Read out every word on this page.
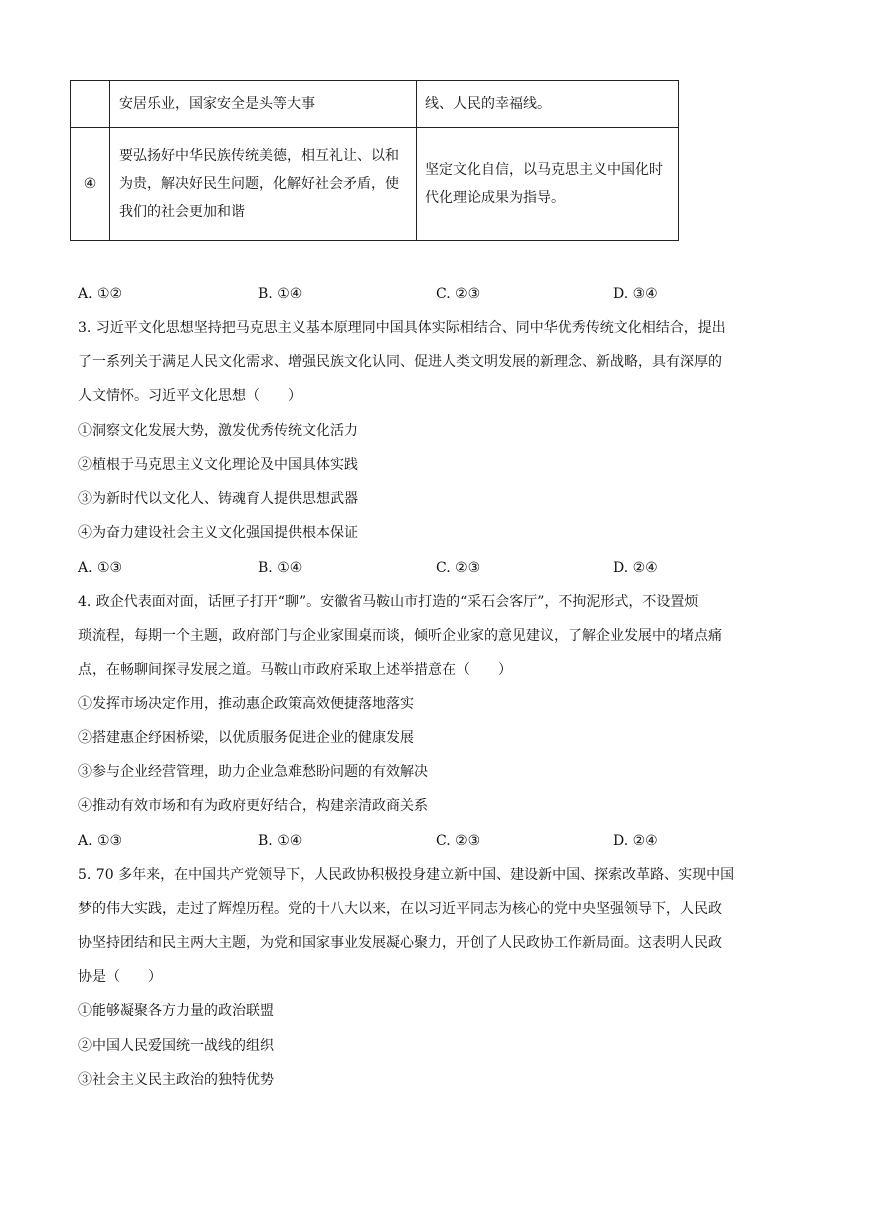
	安居乐业，国家安全是头等大事	线、人民的幸福线。
④	要弘扬好中华民族传统美德，相互礼让、以和为贵，解决好民生问题，化解好社会矛盾，使我们的社会更加和谐	坚定文化自信，以马克思主义中国化时代化理论成果为指导。
A. ①②	B. ①④	C. ②③	D. ③④
3. 习近平文化思想坚持把马克思主义基本原理同中国具体实际相结合、同中华优秀传统文化相结合，提出
了一系列关于满足人民文化需求、增强民族文化认同、促进人类文明发展的新理念、新战略，具有深厚的
人文情怀。习近平文化思想（　　）
①洞察文化发展大势，激发优秀传统文化活力
②植根于马克思主义文化理论及中国具体实践
③为新时代以文化人、铸魂育人提供思想武器
④为奋力建设社会主义文化强国提供根本保证
A. ①③	B. ①④	C. ②③	D. ②④
4. 政企代表面对面，话匣子打开“聊”。安徽省马鞍山市打造的“采石会客厅”，不拘泥形式，不设置烦
琐流程，每期一个主题，政府部门与企业家围桌而谈，倾听企业家的意见建议，了解企业发展中的堵点痛
点，在畅聊间探寻发展之道。马鞍山市政府采取上述举措意在（　　）
①发挥市场决定作用，推动惠企政策高效便捷落地落实
②搭建惠企纾困桥梁，以优质服务促进企业的健康发展
③参与企业经营管理，助力企业急难愁盼问题的有效解决
④推动有效市场和有为政府更好结合，构建亲清政商关系
A. ①③	B. ①④	C. ②③	D. ②④
5. 70 多年来，在中国共产党领导下，人民政协积极投身建立新中国、建设新中国、探索改革路、实现中国
梦的伟大实践，走过了辉煌历程。党的十八大以来，在以习近平同志为核心的党中央坚强领导下，人民政
协坚持团结和民主两大主题，为党和国家事业发展凝心聚力，开创了人民政协工作新局面。这表明人民政
协是（　　）
①能够凝聚各方力量的政治联盟
②中国人民爱国统一战线的组织
③社会主义民主政治的独特优势
